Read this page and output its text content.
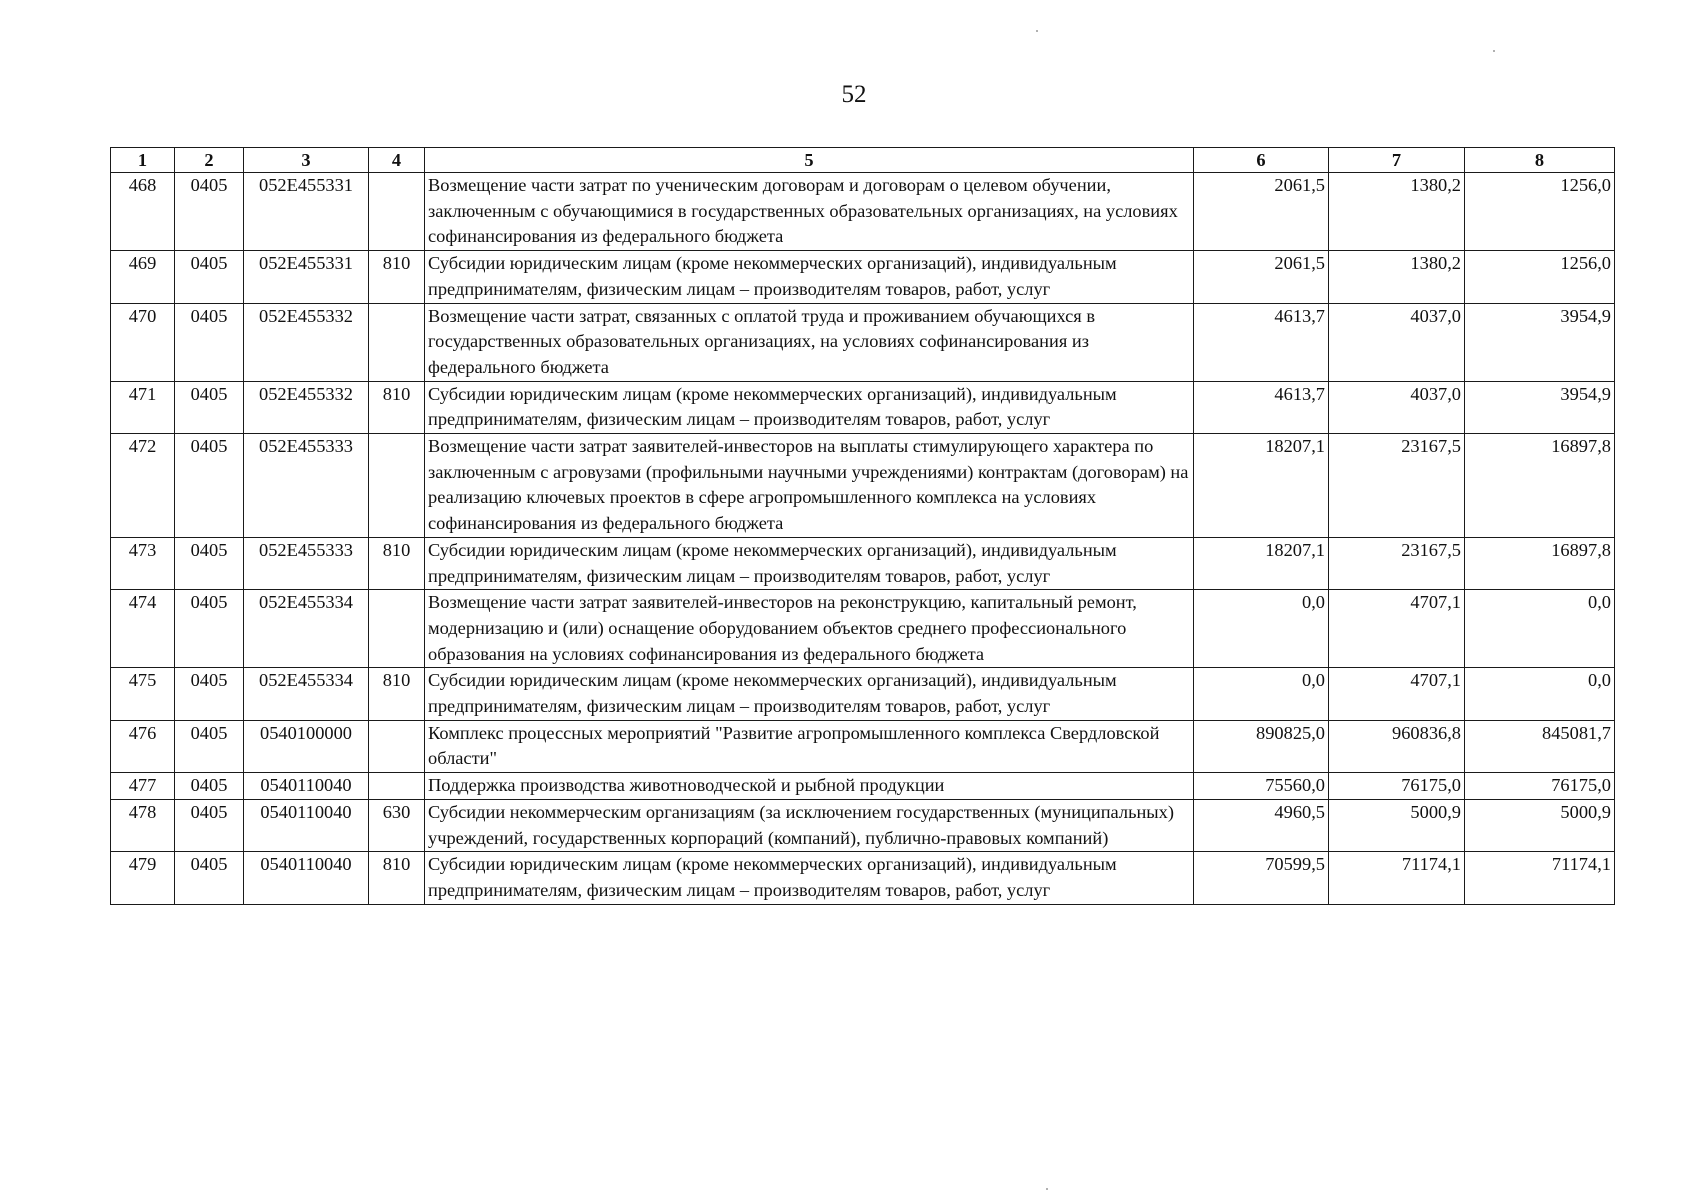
52
1	2	3	4	5	6	7	8
468	0405	052E455331		Возмещение части затрат по ученическим договорам и договорам о целевом обучении, заключенным с обучающимися в государственных образовательных организациях, на условиях софинансирования из федерального бюджета	2061,5	1380,2	1256,0
469	0405	052E455331	810	Субсидии юридическим лицам (кроме некоммерческих организаций), индивидуальным предпринимателям, физическим лицам – производителям товаров, работ, услуг	2061,5	1380,2	1256,0
470	0405	052E455332		Возмещение части затрат, связанных с оплатой труда и проживанием обучающихся в государственных образовательных организациях, на условиях софинансирования из федерального бюджета	4613,7	4037,0	3954,9
471	0405	052E455332	810	Субсидии юридическим лицам (кроме некоммерческих организаций), индивидуальным предпринимателям, физическим лицам – производителям товаров, работ, услуг	4613,7	4037,0	3954,9
472	0405	052E455333		Возмещение части затрат заявителей-инвесторов на выплаты стимулирующего характера по заключенным с агровузами (профильными научными учреждениями) контрактам (договорам) на реализацию ключевых проектов в сфере агропромышленного комплекса на условиях софинансирования из федерального бюджета	18207,1	23167,5	16897,8
473	0405	052E455333	810	Субсидии юридическим лицам (кроме некоммерческих организаций), индивидуальным предпринимателям, физическим лицам – производителям товаров, работ, услуг	18207,1	23167,5	16897,8
474	0405	052E455334		Возмещение части затрат заявителей-инвесторов на реконструкцию, капитальный ремонт, модернизацию и (или) оснащение оборудованием объектов среднего профессионального образования на условиях софинансирования из федерального бюджета	0,0	4707,1	0,0
475	0405	052E455334	810	Субсидии юридическим лицам (кроме некоммерческих организаций), индивидуальным предпринимателям, физическим лицам – производителям товаров, работ, услуг	0,0	4707,1	0,0
476	0405	0540100000		Комплекс процессных мероприятий "Развитие агропромышленного комплекса Свердловской области"	890825,0	960836,8	845081,7
477	0405	0540110040		Поддержка производства животноводческой и рыбной продукции	75560,0	76175,0	76175,0
478	0405	0540110040	630	Субсидии некоммерческим организациям (за исключением государственных (муниципальных) учреждений, государственных корпораций (компаний), публично-правовых компаний)	4960,5	5000,9	5000,9
479	0405	0540110040	810	Субсидии юридическим лицам (кроме некоммерческих организаций), индивидуальным предпринимателям, физическим лицам – производителям товаров, работ, услуг	70599,5	71174,1	71174,1
